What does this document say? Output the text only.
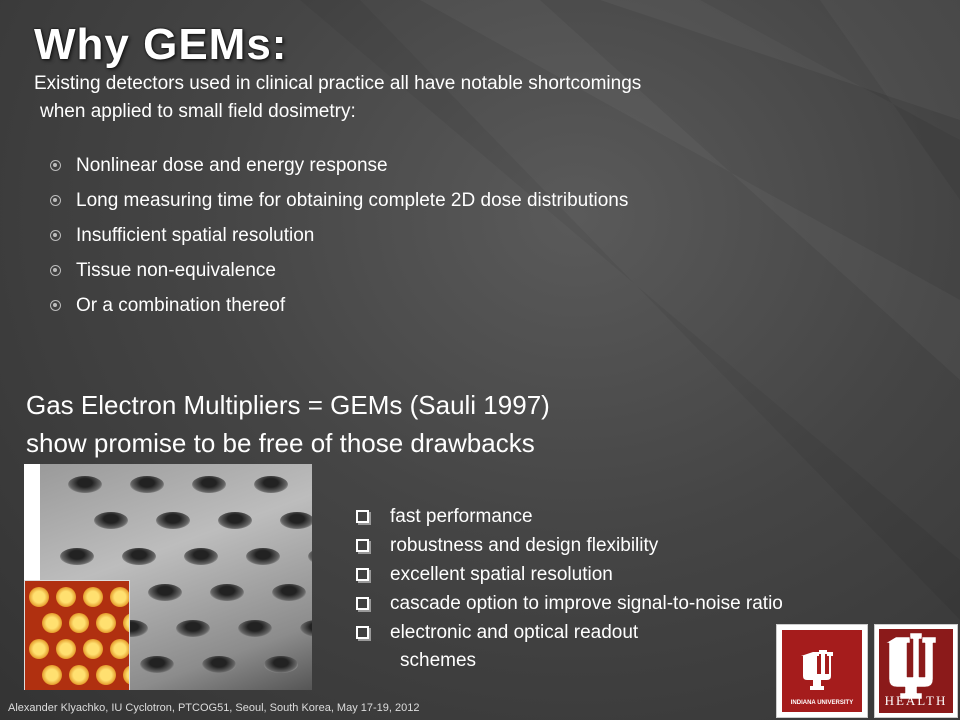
Why GEMs:
Existing detectors used in clinical practice all have notable shortcomings
when applied to small field dosimetry:
Nonlinear dose and energy response
Long measuring time for obtaining complete 2D dose distributions
Insufficient spatial resolution
Tissue non-equivalence
Or a combination thereof
Gas Electron Multipliers = GEMs (Sauli 1997)
show promise to be free of those drawbacks
fast performance
robustness and design flexibility
excellent spatial resolution
cascade option to improve signal-to-noise ratio
electronic and optical readout
schemes
Alexander Klyachko, IU Cyclotron, PTCOG51, Seoul, South Korea, May 17-19, 2012	INDIANA UNIVERSITY	HEALTH
